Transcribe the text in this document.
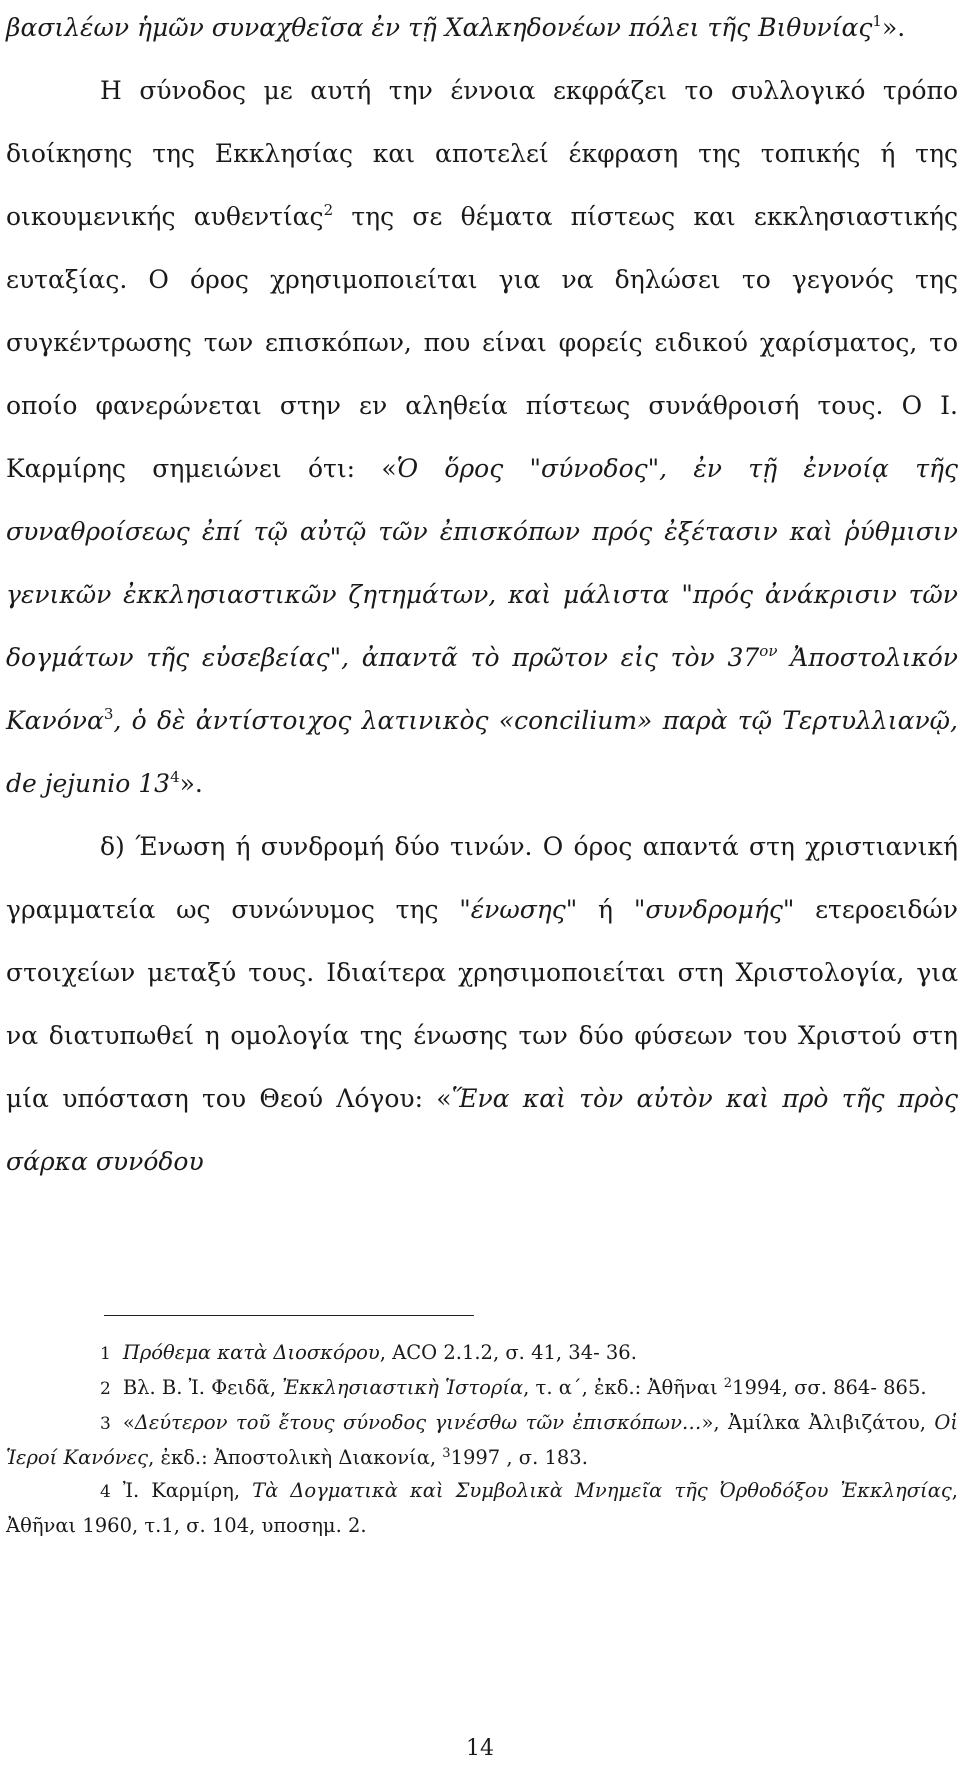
βασιλέων ἡμῶν συναχθεῖσα ἐν τῇ Χαλκηδονέων πόλει τῆς Βιθυνίας$^1$».

Η σύνοδος με αυτή την έννοια εκφράζει το συλλογικό τρόπο διοίκησης της Εκκλησίας και αποτελεί έκφραση της τοπικής ή της οικουμενικής αυθεντίας$^2$ της σε θέματα πίστεως και εκκλησιαστικής ευταξίας. Ο όρος χρησιμοποιείται για να δηλώσει το γεγονός της συγκέντρωσης των επισκόπων, που είναι φορείς ειδικού χαρίσματος, το οποίο φανερώνεται στην εν αληθεία πίστεως συνάθροισή τους. Ο Ι. Καρμίρης σημειώνει ότι: «Ὁ ὅρος "σύνοδος", ἐν τῇ ἐννοίᾳ τῆς συναθροίσεως ἐπί τῷ αὐτῷ τῶν ἐπισκόπων πρός ἐξέτασιν καὶ ῥύθμισιν γενικῶν ἐκκλησιαστικῶν ζητημάτων, καὶ μάλιστα "πρός ἀνάκρισιν τῶν δογμάτων τῆς εὐσεβείας", ἀπαντᾶ τὸ πρῶτον εἰς τὸν $37^{o\nu}$ Ἀποστολικόν Κανόνα$^3$, ὁ δὲ ἀντίστοιχος λατινικὸς «concilium» παρὰ τῷ Τερτυλλιανῷ, de jejunio $13^4$».

δ) Ένωση ή συνδρομή δύο τινών. Ο όρος απαντά στη χριστιανική γραμματεία ως συνώνυμος της "ένωσης" ή "συνδρομής" ετεροειδών στοιχείων μεταξύ τους. Ιδιαίτερα χρησιμοποιείται στη Χριστολογία, για να διατυπωθεί η ομολογία της ένωσης των δύο φύσεων του Χριστού στη μία υπόσταση του Θεού Λόγου: «Ἕνα καὶ τὸν αὐτὸν καὶ πρὸ τῆς πρὸς σάρκα συνόδου

1 Πρόθεμα κατὰ Διοσκόρου, ACO 2.1.2, σ. 41, 34- 36.

2 Βλ. Β. Ἰ. Φειδᾶ, Ἐκκλησιαστικὴ Ἱστορία, τ. α΄, ἐκδ.: Ἀθῆναι $^2$1994, σσ. 864- 865.

3 «Δεύτερον τοῦ ἔτους σύνοδος γινέσθω τῶν ἐπισκόπων…», Ἀμίλκα Ἀλιβιζάτου, Οἱ Ἱεροί Κανόνες, ἐκδ.: Ἀποστολικὴ Διακονία, $^3$1997 , σ. 183.

4 Ἰ. Καρμίρη, Τὰ Δογματικὰ καὶ Συμβολικὰ Μνημεῖα τῆς Ὀρθοδόξου Ἐκκλησίας, Ἀθῆναι 1960, τ.1, σ. 104, υποσημ. 2.

14
